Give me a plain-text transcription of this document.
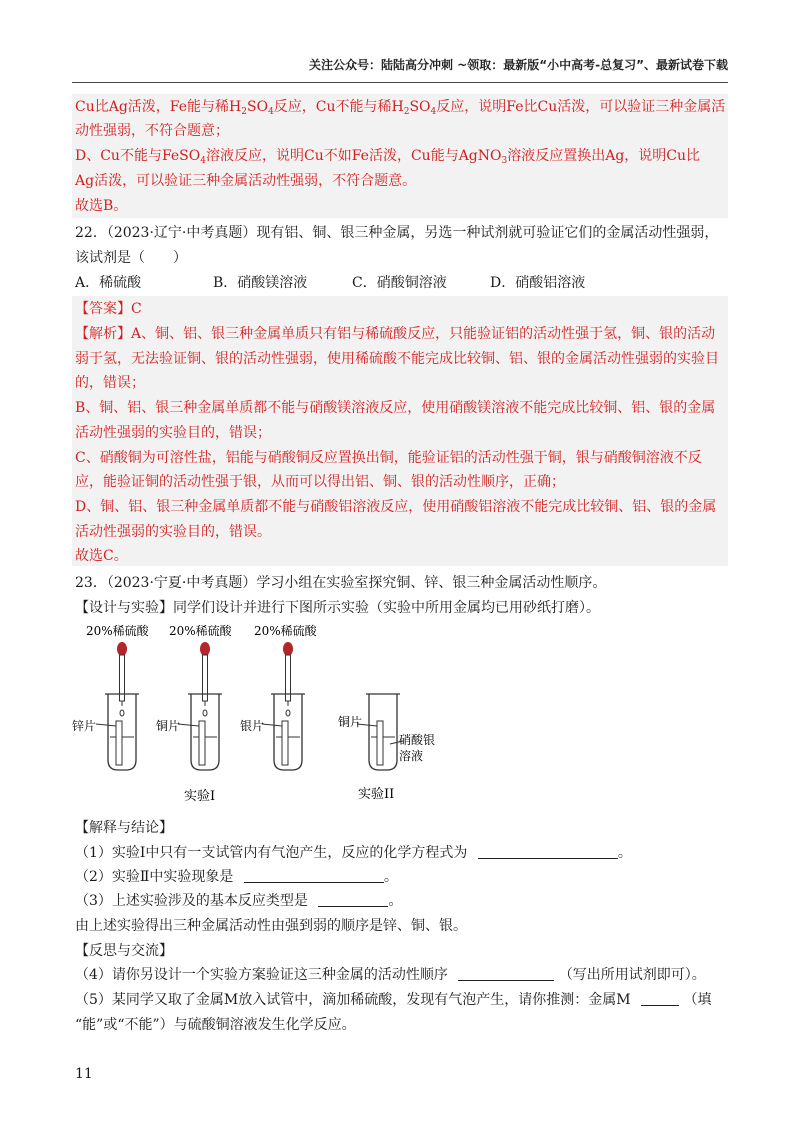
关注公众号：陆陆高分冲刺 ~领取：最新版“小中高考-总复习”、最新试卷下载
Cu比Ag活泼，Fe能与稀$H_2SO_4$反应，Cu不能与稀$H_2SO_4$反应，说明Fe比Cu活泼，可以验证三种金属活
动性强弱，不符合题意；
D、Cu不能与FeSO$_4$溶液反应，说明Cu不如Fe活泼，Cu能与AgNO$_3$溶液反应置换出Ag，说明Cu比
Ag活泼，可以验证三种金属活动性强弱，不符合题意。
故选B。
22．（2023·辽宁·中考真题）现有铝、铜、银三种金属，另选一种试剂就可验证它们的金属活动性强弱，
该试剂是（　　）
A．稀硫酸	B．硝酸镁溶液	C．硝酸铜溶液	D．硝酸铝溶液
【答案】C
【解析】A、铜、铝、银三种金属单质只有铝与稀硫酸反应，只能验证铝的活动性强于氢，铜、银的活动
弱于氢，无法验证铜、银的活动性强弱，使用稀硫酸不能完成比较铜、铝、银的金属活动性强弱的实验目
的，错误；
B、铜、铝、银三种金属单质都不能与硝酸镁溶液反应，使用硝酸镁溶液不能完成比较铜、铝、银的金属
活动性强弱的实验目的，错误；
C、硝酸铜为可溶性盐，铝能与硝酸铜反应置换出铜，能验证铝的活动性强于铜，银与硝酸铜溶液不反
应，能验证铜的活动性强于银，从而可以得出铝、铜、银的活动性顺序，正确；
D、铜、铝、银三种金属单质都不能与硝酸铝溶液反应，使用硝酸铝溶液不能完成比较铜、铝、银的金属
活动性强弱的实验目的，错误。
故选C。
23．（2023·宁夏·中考真题）学习小组在实验室探究铜、锌、银三种金属活动性顺序。
【设计与实验】同学们设计并进行下图所示实验（实验中所用金属均已用砂纸打磨）。
20%稀硫酸 20%稀硫酸 20%稀硫酸
锌片	铜片	银片	铜片
硝酸银
溶液
实验I	实验II
【解释与结论】
（1）实验Ⅰ中只有一支试管内有气泡产生，反应的化学方程式为	。
（2）实验Ⅱ中实验现象是	。
（3）上述实验涉及的基本反应类型是	。
由上述实验得出三种金属活动性由强到弱的顺序是锌、铜、银。
【反思与交流】
（4）请你另设计一个实验方案验证这三种金属的活动性顺序	（写出所用试剂即可）。
（5）某同学又取了金属M放入试管中，滴加稀硫酸，发现有气泡产生，请你推测：金属M	（填
“能”或“不能”）与硫酸铜溶液发生化学反应。
11
